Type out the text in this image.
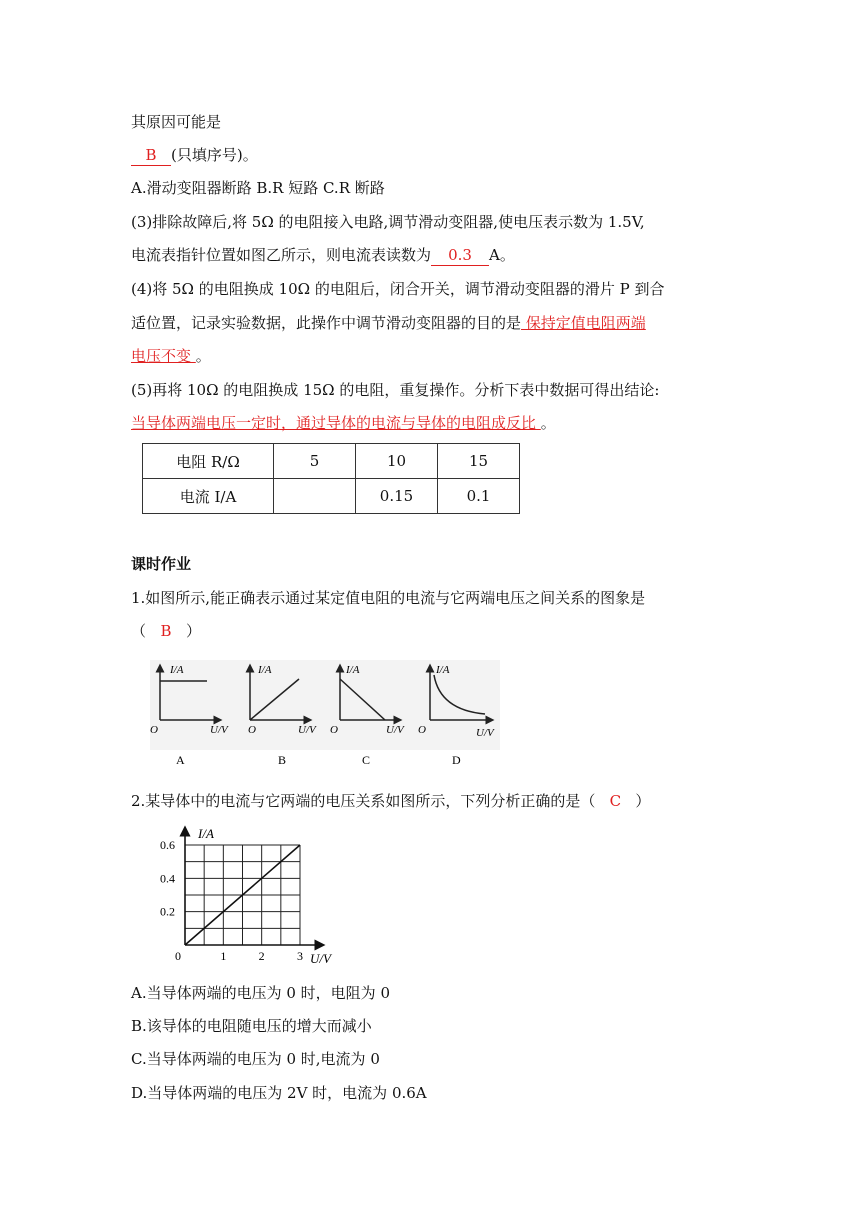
其原因可能是
B (只填序号)。
A.滑动变阻器断路 B.R 短路 C.R 断路
(3)排除故障后,将 5Ω 的电阻接入电路,调节滑动变阻器,使电压表示数为 1.5V,
电流表指针位置如图乙所示，则电流表读数为 0.3 A。
(4)将 5Ω 的电阻换成 10Ω 的电阻后，闭合开关，调节滑动变阻器的滑片 P 到合
适位置，记录实验数据，此操作中调节滑动变阻器的目的是 保持定值电阻两端
电压不变 。
(5)再将 10Ω 的电阻换成 15Ω 的电阻，重复操作。分析下表中数据可得出结论:
当导体两端电压一定时，通过导体的电流与导体的电阻成反比 。
电阻 R/Ω	5	10	15
电流 I/A		0.15	0.1
课时作业
1.如图所示,能正确表示通过某定值电阻的电流与它两端电压之间关系的图象是
（ B ）
I/A
O	U/V
A
I/A
O	U/V
B
I/A
O	U/V
C
I/A
O	U/V
D
2.某导体中的电流与它两端的电压关系如图所示，下列分析正确的是（ C ）
I/A
U/V
0.6
0.4
0.2
0	1	2	3
A.当导体两端的电压为 0 时，电阻为 0
B.该导体的电阻随电压的增大而减小
C.当导体两端的电压为 0 时,电流为 0
D.当导体两端的电压为 2V 时，电流为 0.6A
